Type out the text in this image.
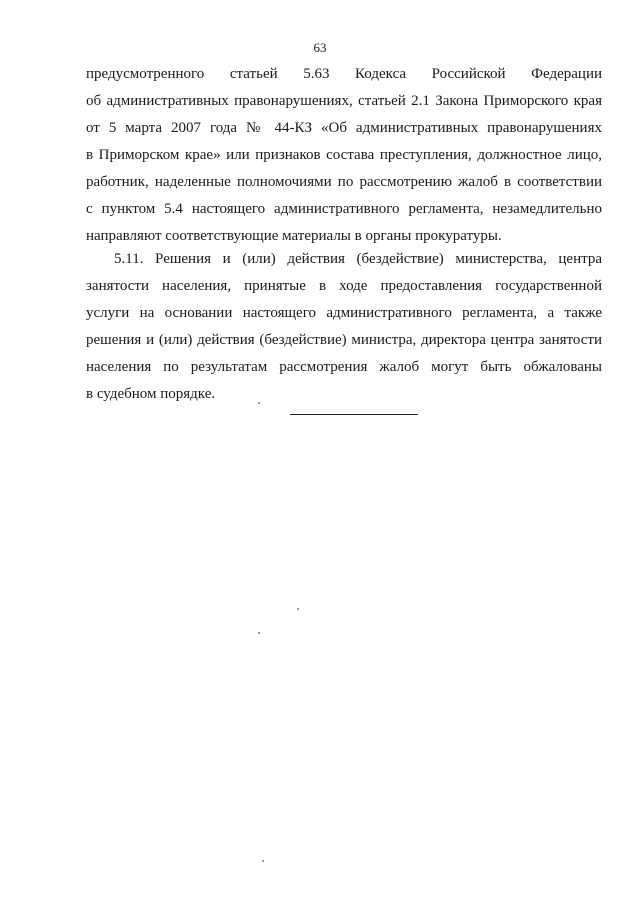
63
предусмотренного статьей 5.63 Кодекса Российской Федерации
об административных правонарушениях, статьей 2.1 Закона Приморского края
от 5 марта 2007 года № 44-КЗ «Об административных правонарушениях
в Приморском крае» или признаков состава преступления, должностное лицо,
работник, наделенные полномочиями по рассмотрению жалоб в соответствии
с пунктом 5.4 настоящего административного регламента, незамедлительно
направляют соответствующие материалы в органы прокуратуры.
5.11. Решения и (или) действия (бездействие) министерства, центра
занятости населения, принятые в ходе предоставления государственной
услуги на основании настоящего административного регламента, а также
решения и (или) действия (бездействие) министра, директора центра занятости
населения по результатам рассмотрения жалоб могут быть обжалованы
в судебном порядке.
